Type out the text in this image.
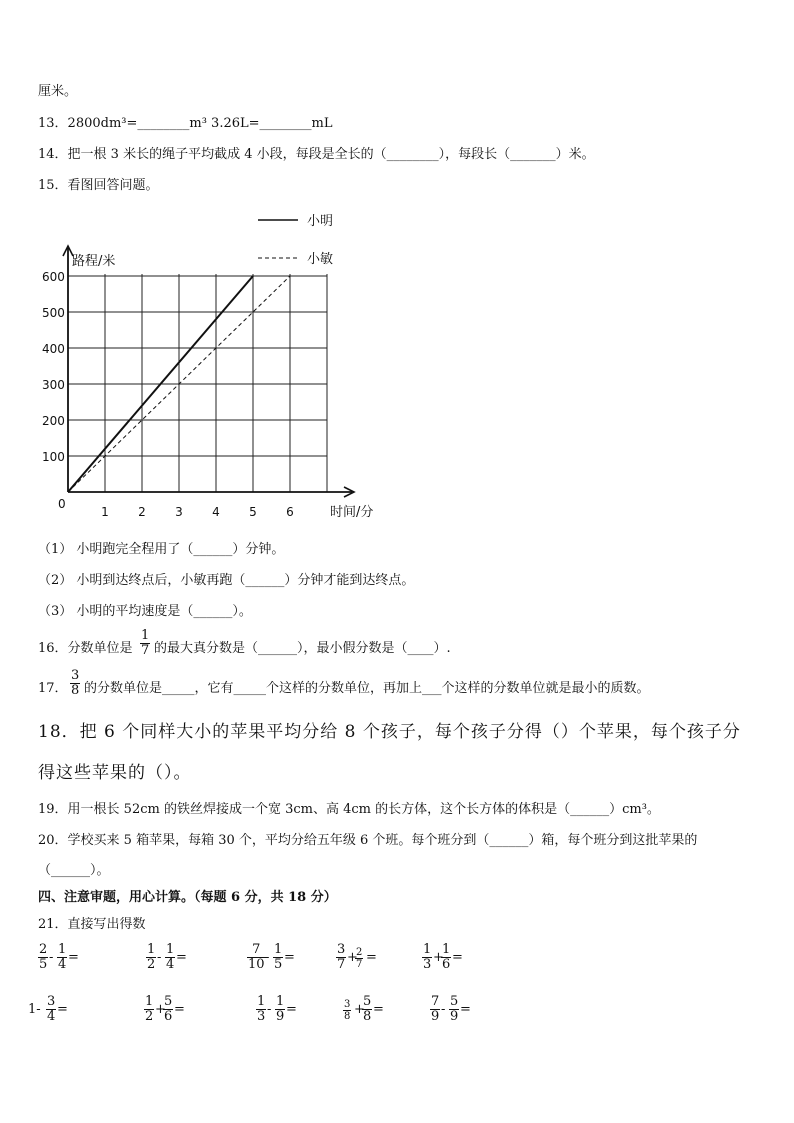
厘米。
13．2800dm³=________m³ 3.26L=________mL
14．把一根 3 米长的绳子平均截成 4 小段，每段是全长的（________），每段长（_______）米。
15．看图回答问题。
路程/米
时间/分
0
1 2 3 4 5 6
100
200
300
400
500
600
小明
小敏
（1） 小明跑完全程用了（______）分钟。
（2） 小明到达终点后，小敏再跑（______）分钟才能到达终点。
（3） 小明的平均速度是（______）。
16．分数单位是
1
7 的最大真分数是（______），最小假分数是（____）.
17．
3
8 的分数单位是_____，它有_____个这样的分数单位，再加上___个这样的分数单位就是最小的质数。
18．把 6 个同样大小的苹果平均分给 8 个孩子，每个孩子分得（）个苹果，每个孩子分
得这些苹果的（）。
19．用一根长 52cm 的铁丝焊接成一个宽 3cm、高 4cm 的长方体，这个长方体的体积是（______）cm³。
20．学校买来 5 箱苹果，每箱 30 个，平均分给五年级 6 个班。每个班分到（______）箱，每个班分到这批苹果的
（______）。
四、注意审题，用心计算。（每题 6 分，共 18 分）
21．直接写出得数
2
5 -
1
4 =
1
2 -
1
4 =
7
10 -
1
5 =
3
7 +
2
7 =
1
3 +
1
6 =
1-
3
4 =
1
2 +
5
6 =
1
3 -
1
9 =	3
8 +
5
8 =
7
9 -
5
9 =
